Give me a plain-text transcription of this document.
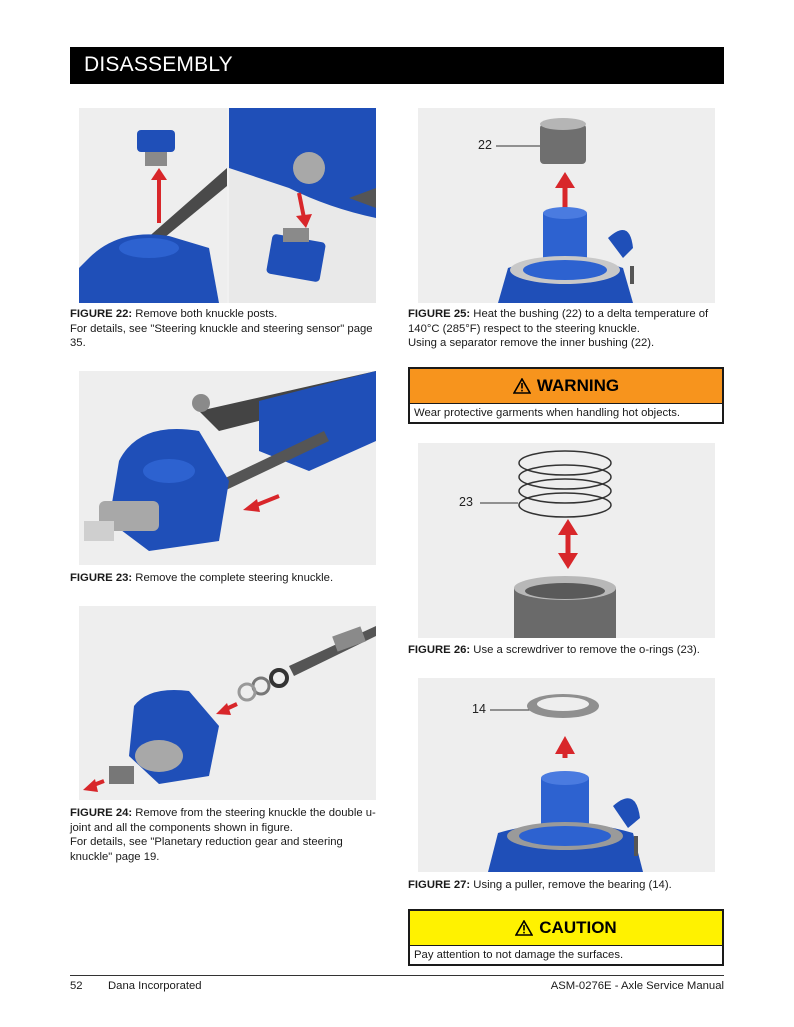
DISASSEMBLY
FIGURE 22: Remove both knuckle posts.
For details, see "Steering knuckle and steering sensor" page
35.
FIGURE 23: Remove the complete steering knuckle.
FIGURE 24: Remove from the steering knuckle the double u-
joint and all the components shown in figure.
For details, see "Planetary reduction gear and steering
knuckle" page 19.
22
FIGURE 25: Heat the bushing (22) to a delta temperature of
140°C (285°F) respect to the steering knuckle.
Using a separator remove the inner bushing (22).
WARNING
Wear protective garments when handling hot objects.
23
FIGURE 26: Use a screwdriver to remove the o-rings (23).
14
FIGURE 27: Using a puller, remove the bearing (14).
CAUTION
Pay attention to not damage the surfaces.
52 Dana Incorporated	ASM-0276E - Axle Service Manual
